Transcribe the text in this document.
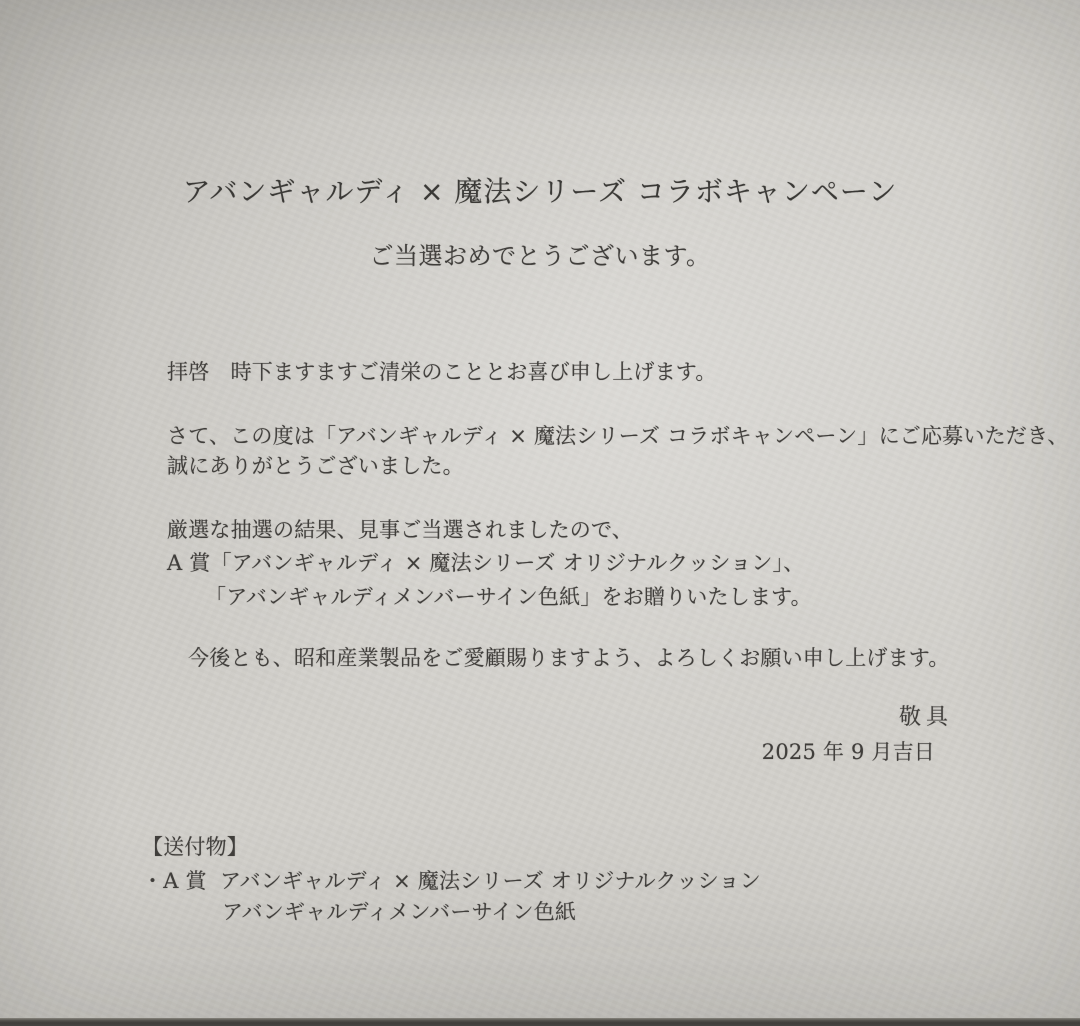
アバンギャルディ × 魔法シリーズ コラボキャンペーン
ご当選おめでとうございます。
拝啓　時下ますますご清栄のこととお喜び申し上げます。
さて、この度は「アバンギャルディ × 魔法シリーズ コラボキャンペーン」にご応募いただき、
誠にありがとうございました。
厳選な抽選の結果、見事ご当選されましたので、
A 賞「アバンギャルディ × 魔法シリーズ オリジナルクッション」、
「アバンギャルディメンバーサイン色紙」をお贈りいたします。
今後とも、昭和産業製品をご愛顧賜りますよう、よろしくお願い申し上げます。
敬具
2025 年 9 月吉日
【送付物】
・A 賞 アバンギャルディ × 魔法シリーズ オリジナルクッション
アバンギャルディメンバーサイン色紙
